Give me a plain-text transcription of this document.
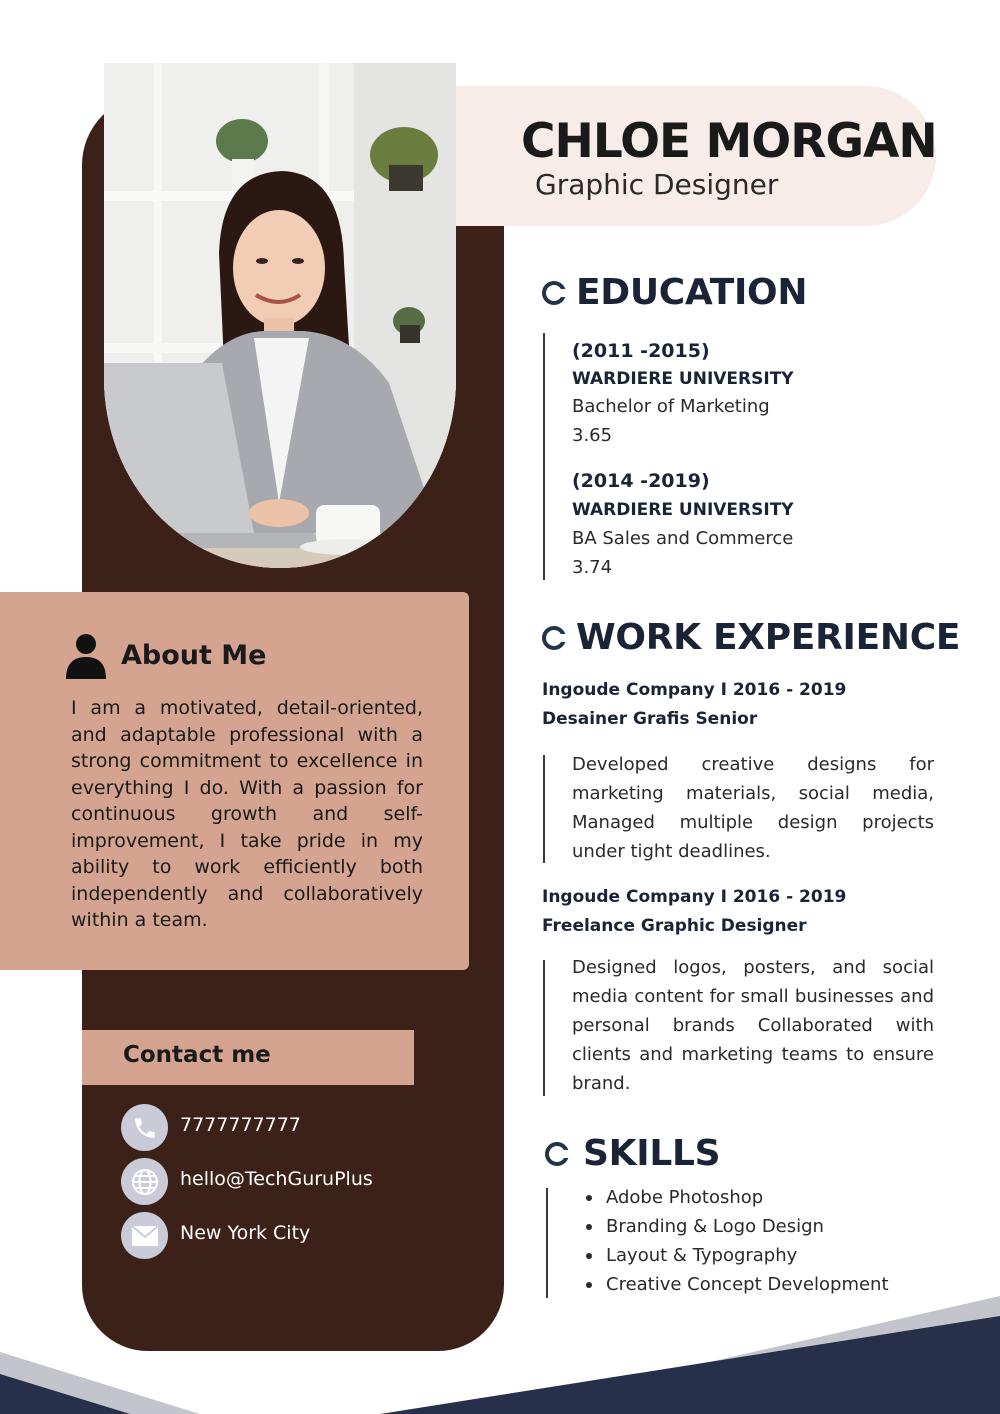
CHLOE MORGAN
Graphic Designer
About Me
I am a motivated, detail-oriented, and adaptable professional with a strong commitment to excellence in everything I do. With a passion for continuous growth and self-improvement, I take pride in my ability to work efficiently both independently and collaboratively within a team.
Contact me
7777777777
hello@TechGuruPlus
New York City
EDUCATION
(2011 -2015)
WARDIERE UNIVERSITY
Bachelor of Marketing
3.65
(2014 -2019)
WARDIERE UNIVERSITY
BA Sales and Commerce
3.74
WORK EXPERIENCE
Ingoude Company I 2016 - 2019
Desainer Grafis Senior
Developed creative designs for marketing materials, social media, Managed multiple design projects under tight deadlines.
Ingoude Company I 2016 - 2019
Freelance Graphic Designer
Designed logos, posters, and social media content for small businesses and personal brands Collaborated with clients and marketing teams to ensure brand.
SKILLS
Adobe Photoshop
Branding & Logo Design
Layout & Typography
Creative Concept Development
